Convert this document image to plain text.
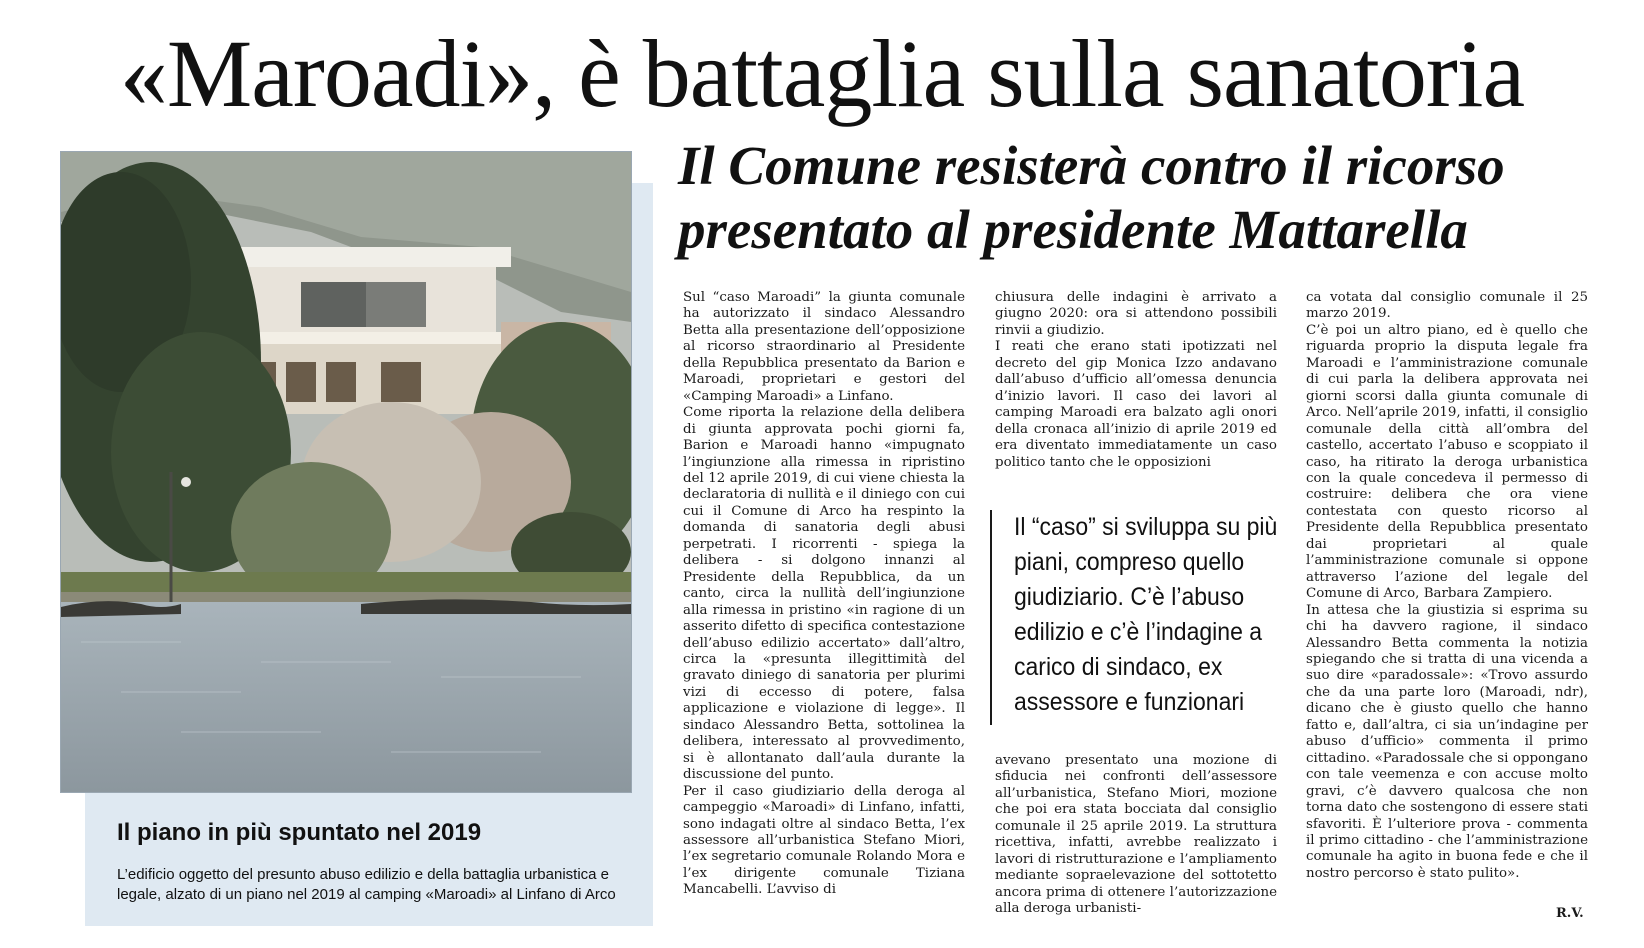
«Maroadi», è battaglia sulla sanatoria
Il Comune resisterà contro il ricorso presentato al presidente Mattarella
Il piano in più spuntato nel 2019
L’edificio oggetto del presunto abuso edilizio e della battaglia urbanistica e legale, alzato di un piano nel 2019 al camping «Maroadi» al Linfano di Arco

Sul “caso Maroadi” la giunta comunale ha autorizzato il sindaco Alessandro Betta alla presentazione dell’opposizione al ricorso straordinario al Presidente della Repubblica presentato da Barion e Maroadi, proprietari e gestori del «Camping Maroadi» a Linfano.

Come riporta la relazione della delibera di giunta approvata pochi giorni fa, Barion e Maroadi hanno «impugnato l’ingiunzione alla rimessa in ripristino del 12 aprile 2019, di cui viene chiesta la declaratoria di nullità e il diniego con cui cui il Comune di Arco ha respinto la domanda di sanatoria degli abusi perpetrati. I ricorrenti - spiega la delibera - si dolgono innanzi al Presidente della Repubblica, da un canto, circa la nullità dell’ingiunzione alla rimessa in pristino «in ragione di un asserito difetto di specifica contestazione dell’abuso edilizio accertato» dall’altro, circa la «presunta illegittimità del gravato diniego di sanatoria per plurimi vizi di eccesso di potere, falsa applicazione e violazione di legge». Il sindaco Alessandro Betta, sottolinea la delibera, interessato al provvedimento, si è allontanato dall’aula durante la discussione del punto.

Per il caso giudiziario della deroga al campeggio «Maroadi» di Linfano, infatti, sono indagati oltre al sindaco Betta, l’ex assessore all’urbanistica Stefano Miori, l’ex segretario comunale Rolando Mora e l’ex dirigente comunale Tiziana Mancabelli. L’avviso di

chiusura delle indagini è arrivato a giugno 2020: ora si attendono possibili rinvii a giudizio.

I reati che erano stati ipotizzati nel decreto del gip Monica Izzo andavano dall’abuso d’ufficio all’omessa denuncia d’inizio lavori. Il caso dei lavori al camping Maroadi era balzato agli onori della cronaca all’inizio di aprile 2019 ed era diventato immediatamente un caso politico tanto che le opposizioni

Il “caso” si sviluppa su più piani, compreso quello giudiziario. C’è l’abuso edilizio e c’è l’indagine a carico di sindaco, ex assessore e funzionari

avevano presentato una mozione di sfiducia nei confronti dell’assessore all’urbanistica, Stefano Miori, mozione che poi era stata bocciata dal consiglio comunale il 25 aprile 2019. La struttura ricettiva, infatti, avrebbe realizzato i lavori di ristrutturazione e l’ampliamento mediante sopraelevazione del sottotetto ancora prima di ottenere l’autorizzazione alla deroga urbanisti-

ca votata dal consiglio comunale il 25 marzo 2019.

C’è poi un altro piano, ed è quello che riguarda proprio la disputa legale fra Maroadi e l’amministrazione comunale di cui parla la delibera approvata nei giorni scorsi dalla giunta comunale di Arco. Nell’aprile 2019, infatti, il consiglio comunale della città all’ombra del castello, accertato l’abuso e scoppiato il caso, ha ritirato la deroga urbanistica con la quale concedeva il permesso di costruire: delibera che ora viene contestata con questo ricorso al Presidente della Repubblica presentato dai proprietari al quale l’amministrazione comunale si oppone attraverso l’azione del legale del Comune di Arco, Barbara Zampiero.

In attesa che la giustizia si esprima su chi ha davvero ragione, il sindaco Alessandro Betta commenta la notizia spiegando che si tratta di una vicenda a suo dire «paradossale»: «Trovo assurdo che da una parte loro (Maroadi, ndr), dicano che è giusto quello che hanno fatto e, dall’altra, ci sia un’indagine per abuso d’ufficio» commenta il primo cittadino. «Paradossale che si oppongano con tale veemenza e con accuse molto gravi, c’è davvero qualcosa che non torna dato che sostengono di essere stati sfavoriti. È l’ulteriore prova - commenta il primo cittadino - che l’amministrazione comunale ha agito in buona fede e che il nostro percorso è stato pulito».

R.V.
